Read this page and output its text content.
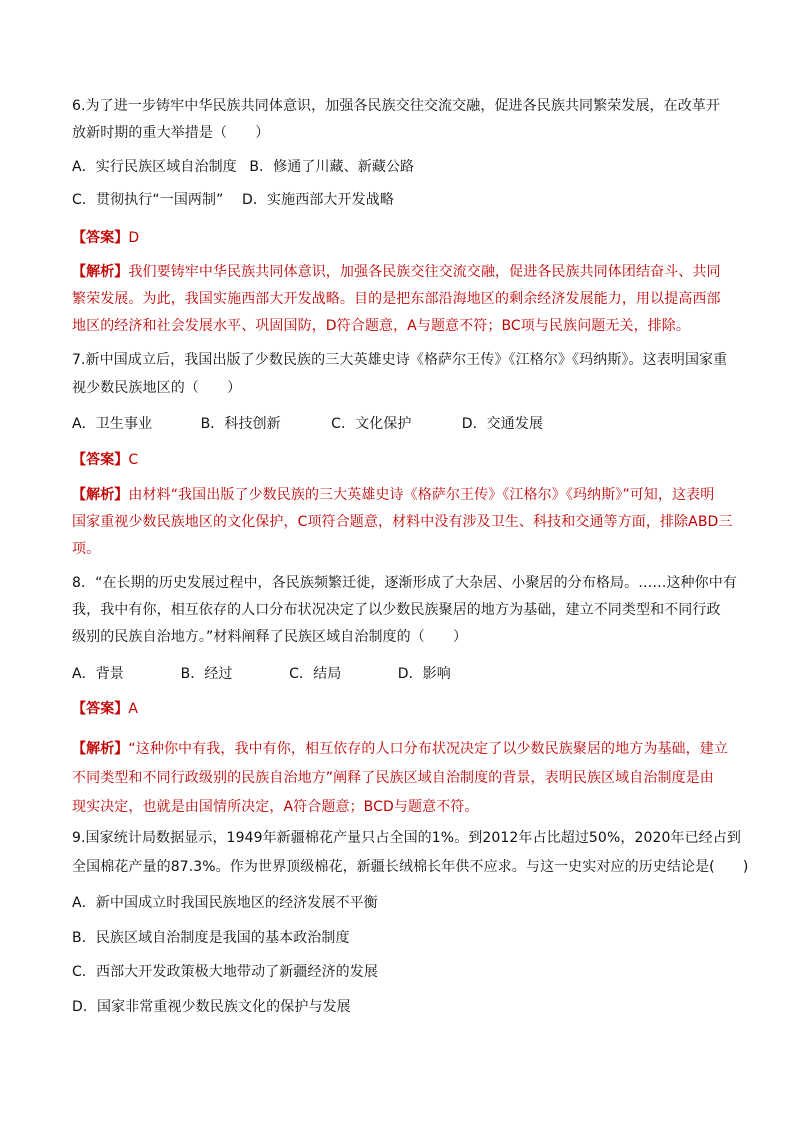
6.为了进一步铸牢中华民族共同体意识，加强各民族交往交流交融，促进各民族共同繁荣发展，在改革开
放新时期的重大举措是（　　）
A．实行民族区域自治制度 B．修通了川藏、新藏公路
C．贯彻执行“一国两制” D．实施西部大开发战略
【答案】D
【解析】我们要铸牢中华民族共同体意识，加强各民族交往交流交融，促进各民族共同体团结奋斗、共同
繁荣发展。为此，我国实施西部大开发战略。目的是把东部沿海地区的剩余经济发展能力，用以提高西部
地区的经济和社会发展水平、巩固国防，D符合题意，A与题意不符；BC项与民族问题无关，排除。
7.新中国成立后，我国出版了少数民族的三大英雄史诗《格萨尔王传》《江格尔》《玛纳斯》。这表明国家重
视少数民族地区的（　　）
A．卫生事业	B．科技创新	C．文化保护	D．交通发展
【答案】C
【解析】由材料“我国出版了少数民族的三大英雄史诗《格萨尔王传》《江格尔》《玛纳斯》”可知，这表明
国家重视少数民族地区的文化保护，C项符合题意，材料中没有涉及卫生、科技和交通等方面，排除ABD三
项。
8．“在长期的历史发展过程中，各民族频繁迁徙，逐渐形成了大杂居、小聚居的分布格局。……这种你中有
我，我中有你，相互依存的人口分布状况决定了以少数民族聚居的地方为基础，建立不同类型和不同行政
级别的民族自治地方。”材料阐释了民族区域自治制度的（　　）
A．背景	B．经过	C．结局	D．影响
【答案】A
【解析】“这种你中有我，我中有你，相互依存的人口分布状况决定了以少数民族聚居的地方为基础，建立
不同类型和不同行政级别的民族自治地方”阐释了民族区域自治制度的背景，表明民族区域自治制度是由
现实决定，也就是由国情所决定，A符合题意；BCD与题意不符。
9.国家统计局数据显示，1949年新疆棉花产量只占全国的1%。到2012年占比超过50%，2020年已经占到
全国棉花产量的87.3%。作为世界顶级棉花，新疆长绒棉长年供不应求。与这一史实对应的历史结论是(　　)
A．新中国成立时我国民族地区的经济发展不平衡
B．民族区域自治制度是我国的基本政治制度
C．西部大开发政策极大地带动了新疆经济的发展
D．国家非常重视少数民族文化的保护与发展
